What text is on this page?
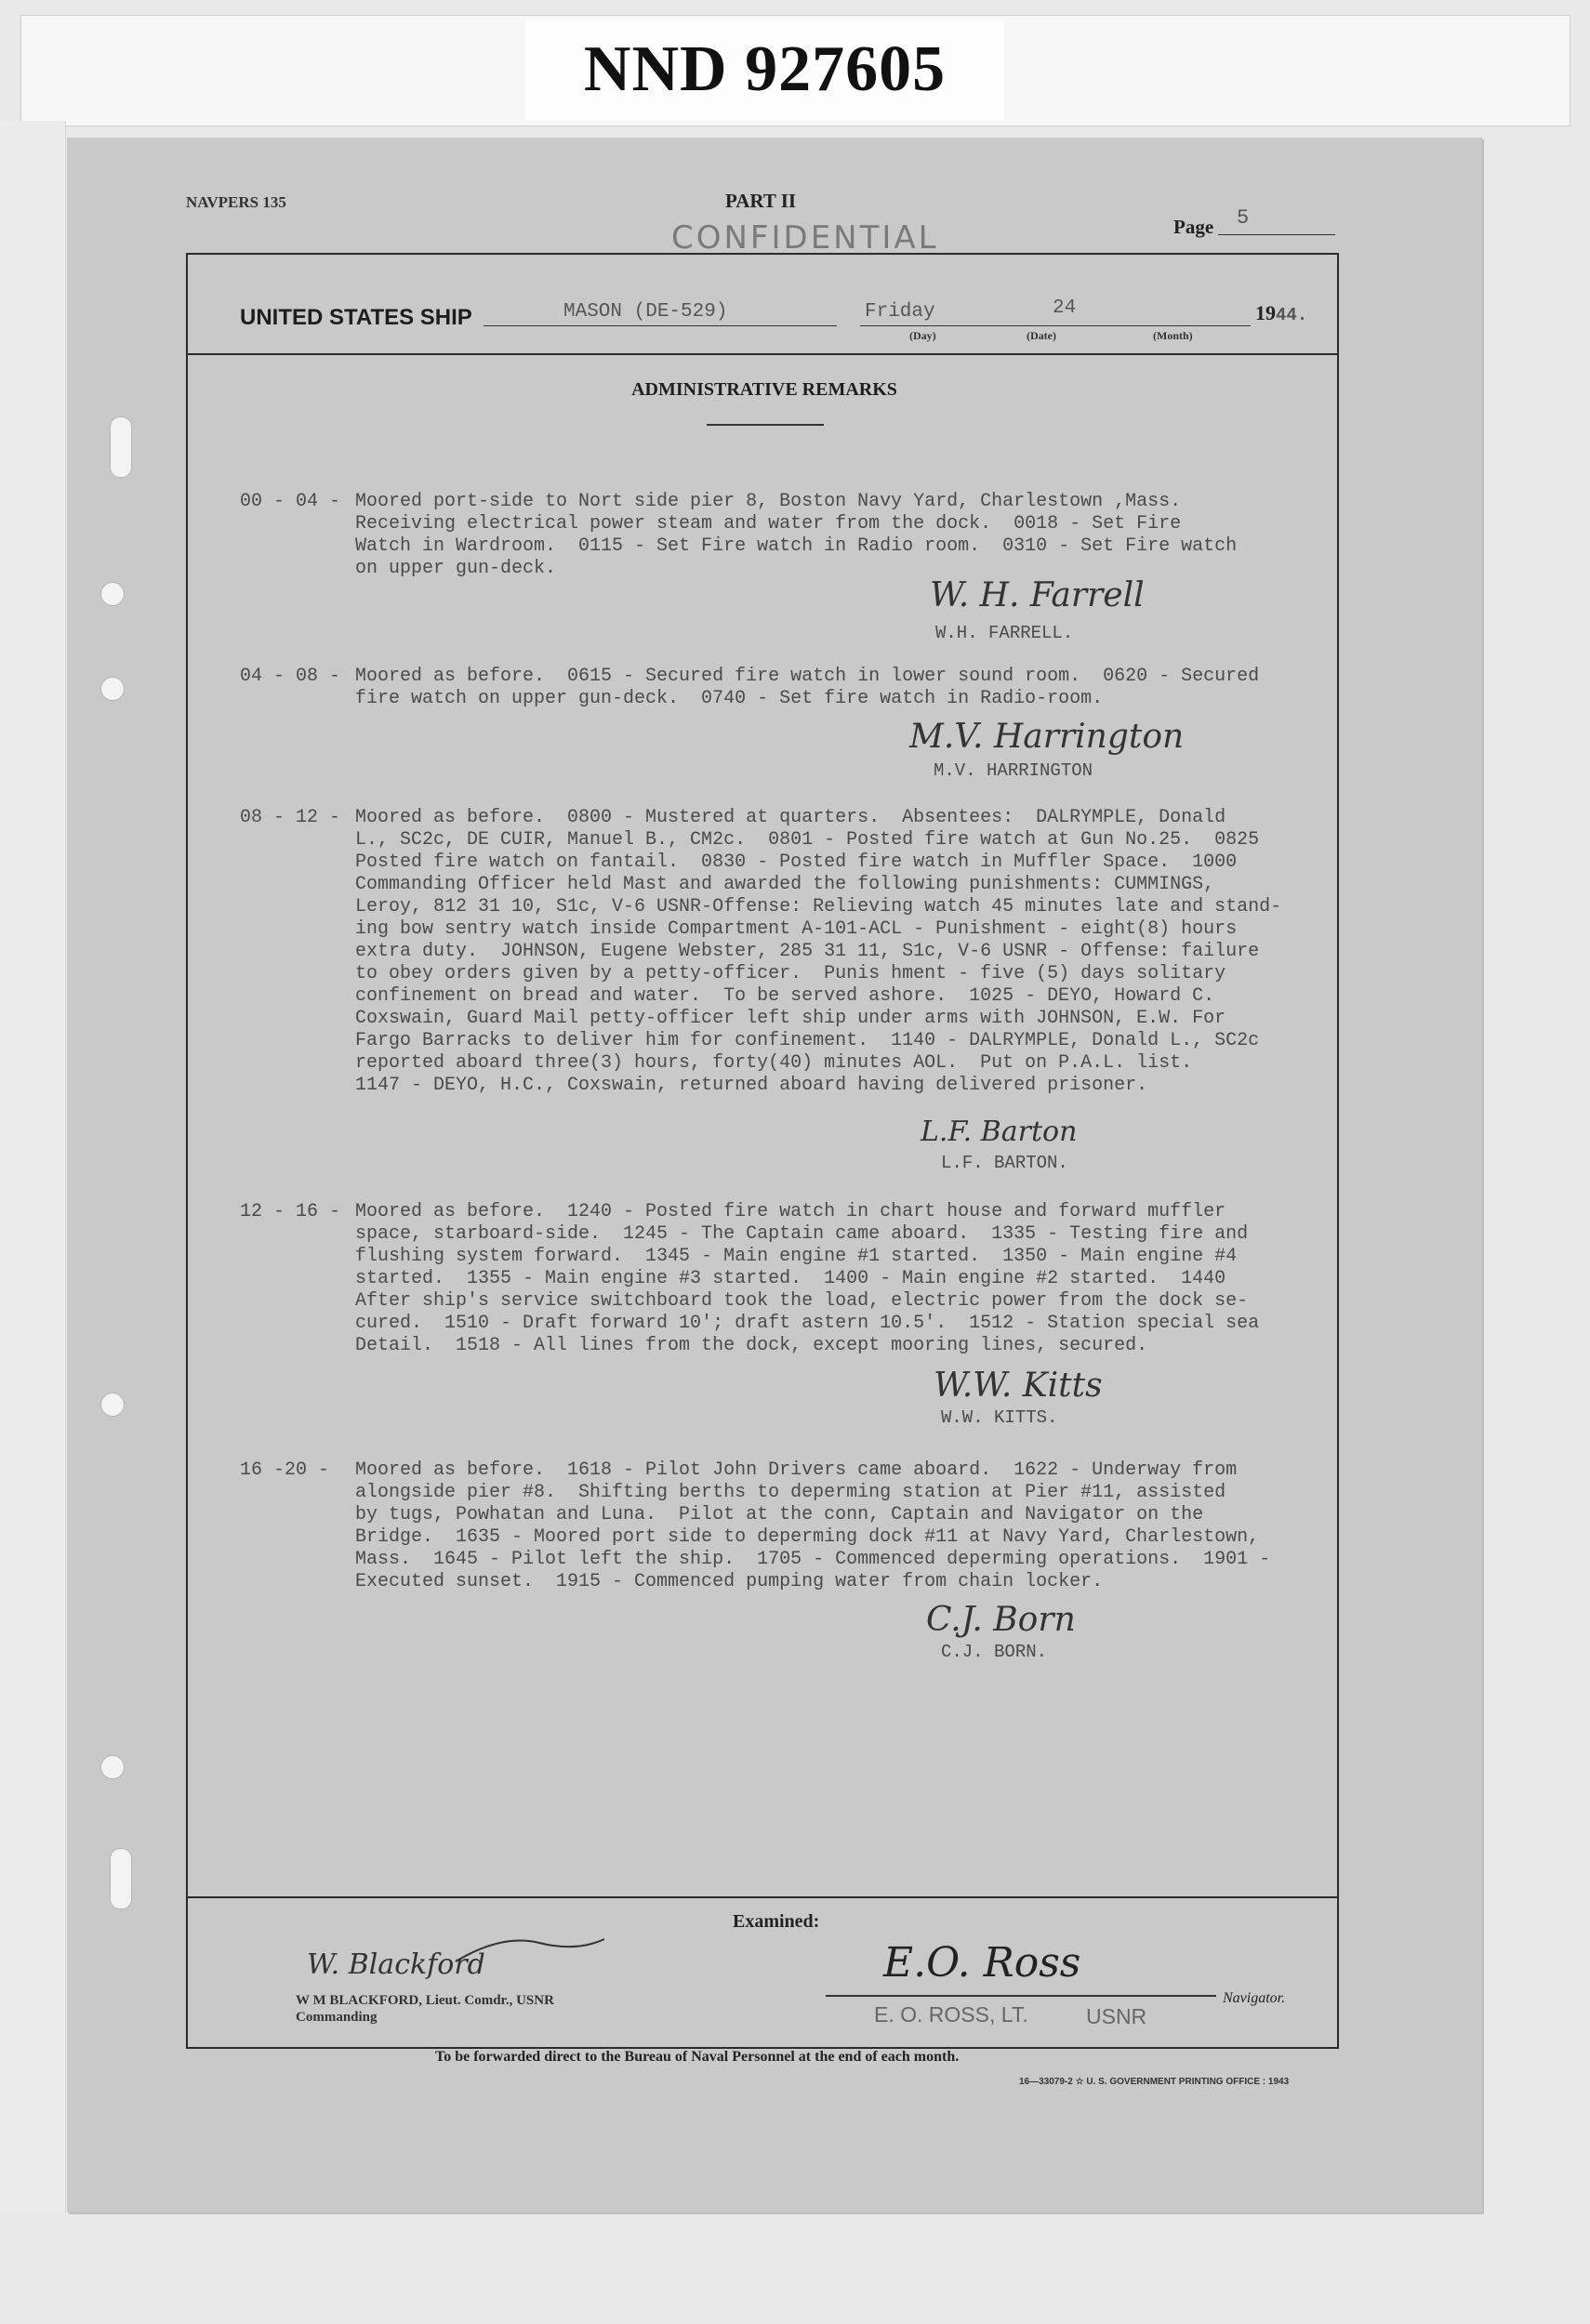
NND 927605
NAVPERS 135	PART II
CONFIDENTIAL	Page 5
UNITED STATES SHIP	MASON (DE-529)	Friday	24
(Day)	(Date)	(Month)
1944.
ADMINISTRATIVE REMARKS
00 - 04 - Moored port-side to Nort side pier 8, Boston Navy Yard, Charlestown ,Mass.
Receiving electrical power steam and water from the dock.  0018 - Set Fire
Watch in Wardroom.  0115 - Set Fire watch in Radio room.  0310 - Set Fire watch
on upper gun-deck.
W. H. Farrell
W.H. FARRELL.
04 - 08 - Moored as before.  0615 - Secured fire watch in lower sound room.  0620 - Secured
fire watch on upper gun-deck.  0740 - Set fire watch in Radio-room.
M.V. Harrington
M.V. HARRINGTON
08 - 12 - Moored as before.  0800 - Mustered at quarters.  Absentees:  DALRYMPLE, Donald
L., SC2c, DE CUIR, Manuel B., CM2c.  0801 - Posted fire watch at Gun No.25.  0825
Posted fire watch on fantail.  0830 - Posted fire watch in Muffler Space.  1000
Commanding Officer held Mast and awarded the following punishments: CUMMINGS,
Leroy, 812 31 10, S1c, V-6 USNR-Offense: Relieving watch 45 minutes late and stand-
ing bow sentry watch inside Compartment A-101-ACL - Punishment - eight(8) hours
extra duty.  JOHNSON, Eugene Webster, 285 31 11, S1c, V-6 USNR - Offense: failure
to obey orders given by a petty-officer.  Punis hment - five (5) days solitary
confinement on bread and water.  To be served ashore.  1025 - DEYO, Howard C.
Coxswain, Guard Mail petty-officer left ship under arms with JOHNSON, E.W. For
Fargo Barracks to deliver him for confinement.  1140 - DALRYMPLE, Donald L., SC2c
reported aboard three(3) hours, forty(40) minutes AOL.  Put on P.A.L. list.
1147 - DEYO, H.C., Coxswain, returned aboard having delivered prisoner.
L.F. Barton
L.F. BARTON.
12 - 16 - Moored as before.  1240 - Posted fire watch in chart house and forward muffler
space, starboard-side.  1245 - The Captain came aboard.  1335 - Testing fire and
flushing system forward.  1345 - Main engine #1 started.  1350 - Main engine #4
started.  1355 - Main engine #3 started.  1400 - Main engine #2 started.  1440
After ship's service switchboard took the load, electric power from the dock se-
cured.  1510 - Draft forward 10'; draft astern 10.5'.  1512 - Station special sea
Detail.  1518 - All lines from the dock, except mooring lines, secured.
W.W. Kitts
W.W. KITTS.
16 -20 -	Moored as before.  1618 - Pilot John Drivers came aboard.  1622 - Underway from
alongside pier #8.  Shifting berths to deperming station at Pier #11, assisted
by tugs, Powhatan and Luna.  Pilot at the conn, Captain and Navigator on the
Bridge.  1635 - Moored port side to deperming dock #11 at Navy Yard, Charlestown,
Mass.  1645 - Pilot left the ship.  1705 - Commenced deperming operations.  1901 -
Executed sunset.  1915 - Commenced pumping water from chain locker.
C.J. Born
C.J. BORN.
Examined:
W. Blackford
W M BLACKFORD, Lieut. Comdr., USNR
Commanding
E.O. Ross
E. O. ROSS, LT.	USNR
Navigator.
To be forwarded direct to the Bureau of Naval Personnel at the end of each month.
16—33079-2 ☆ U. S. GOVERNMENT PRINTING OFFICE : 1943
